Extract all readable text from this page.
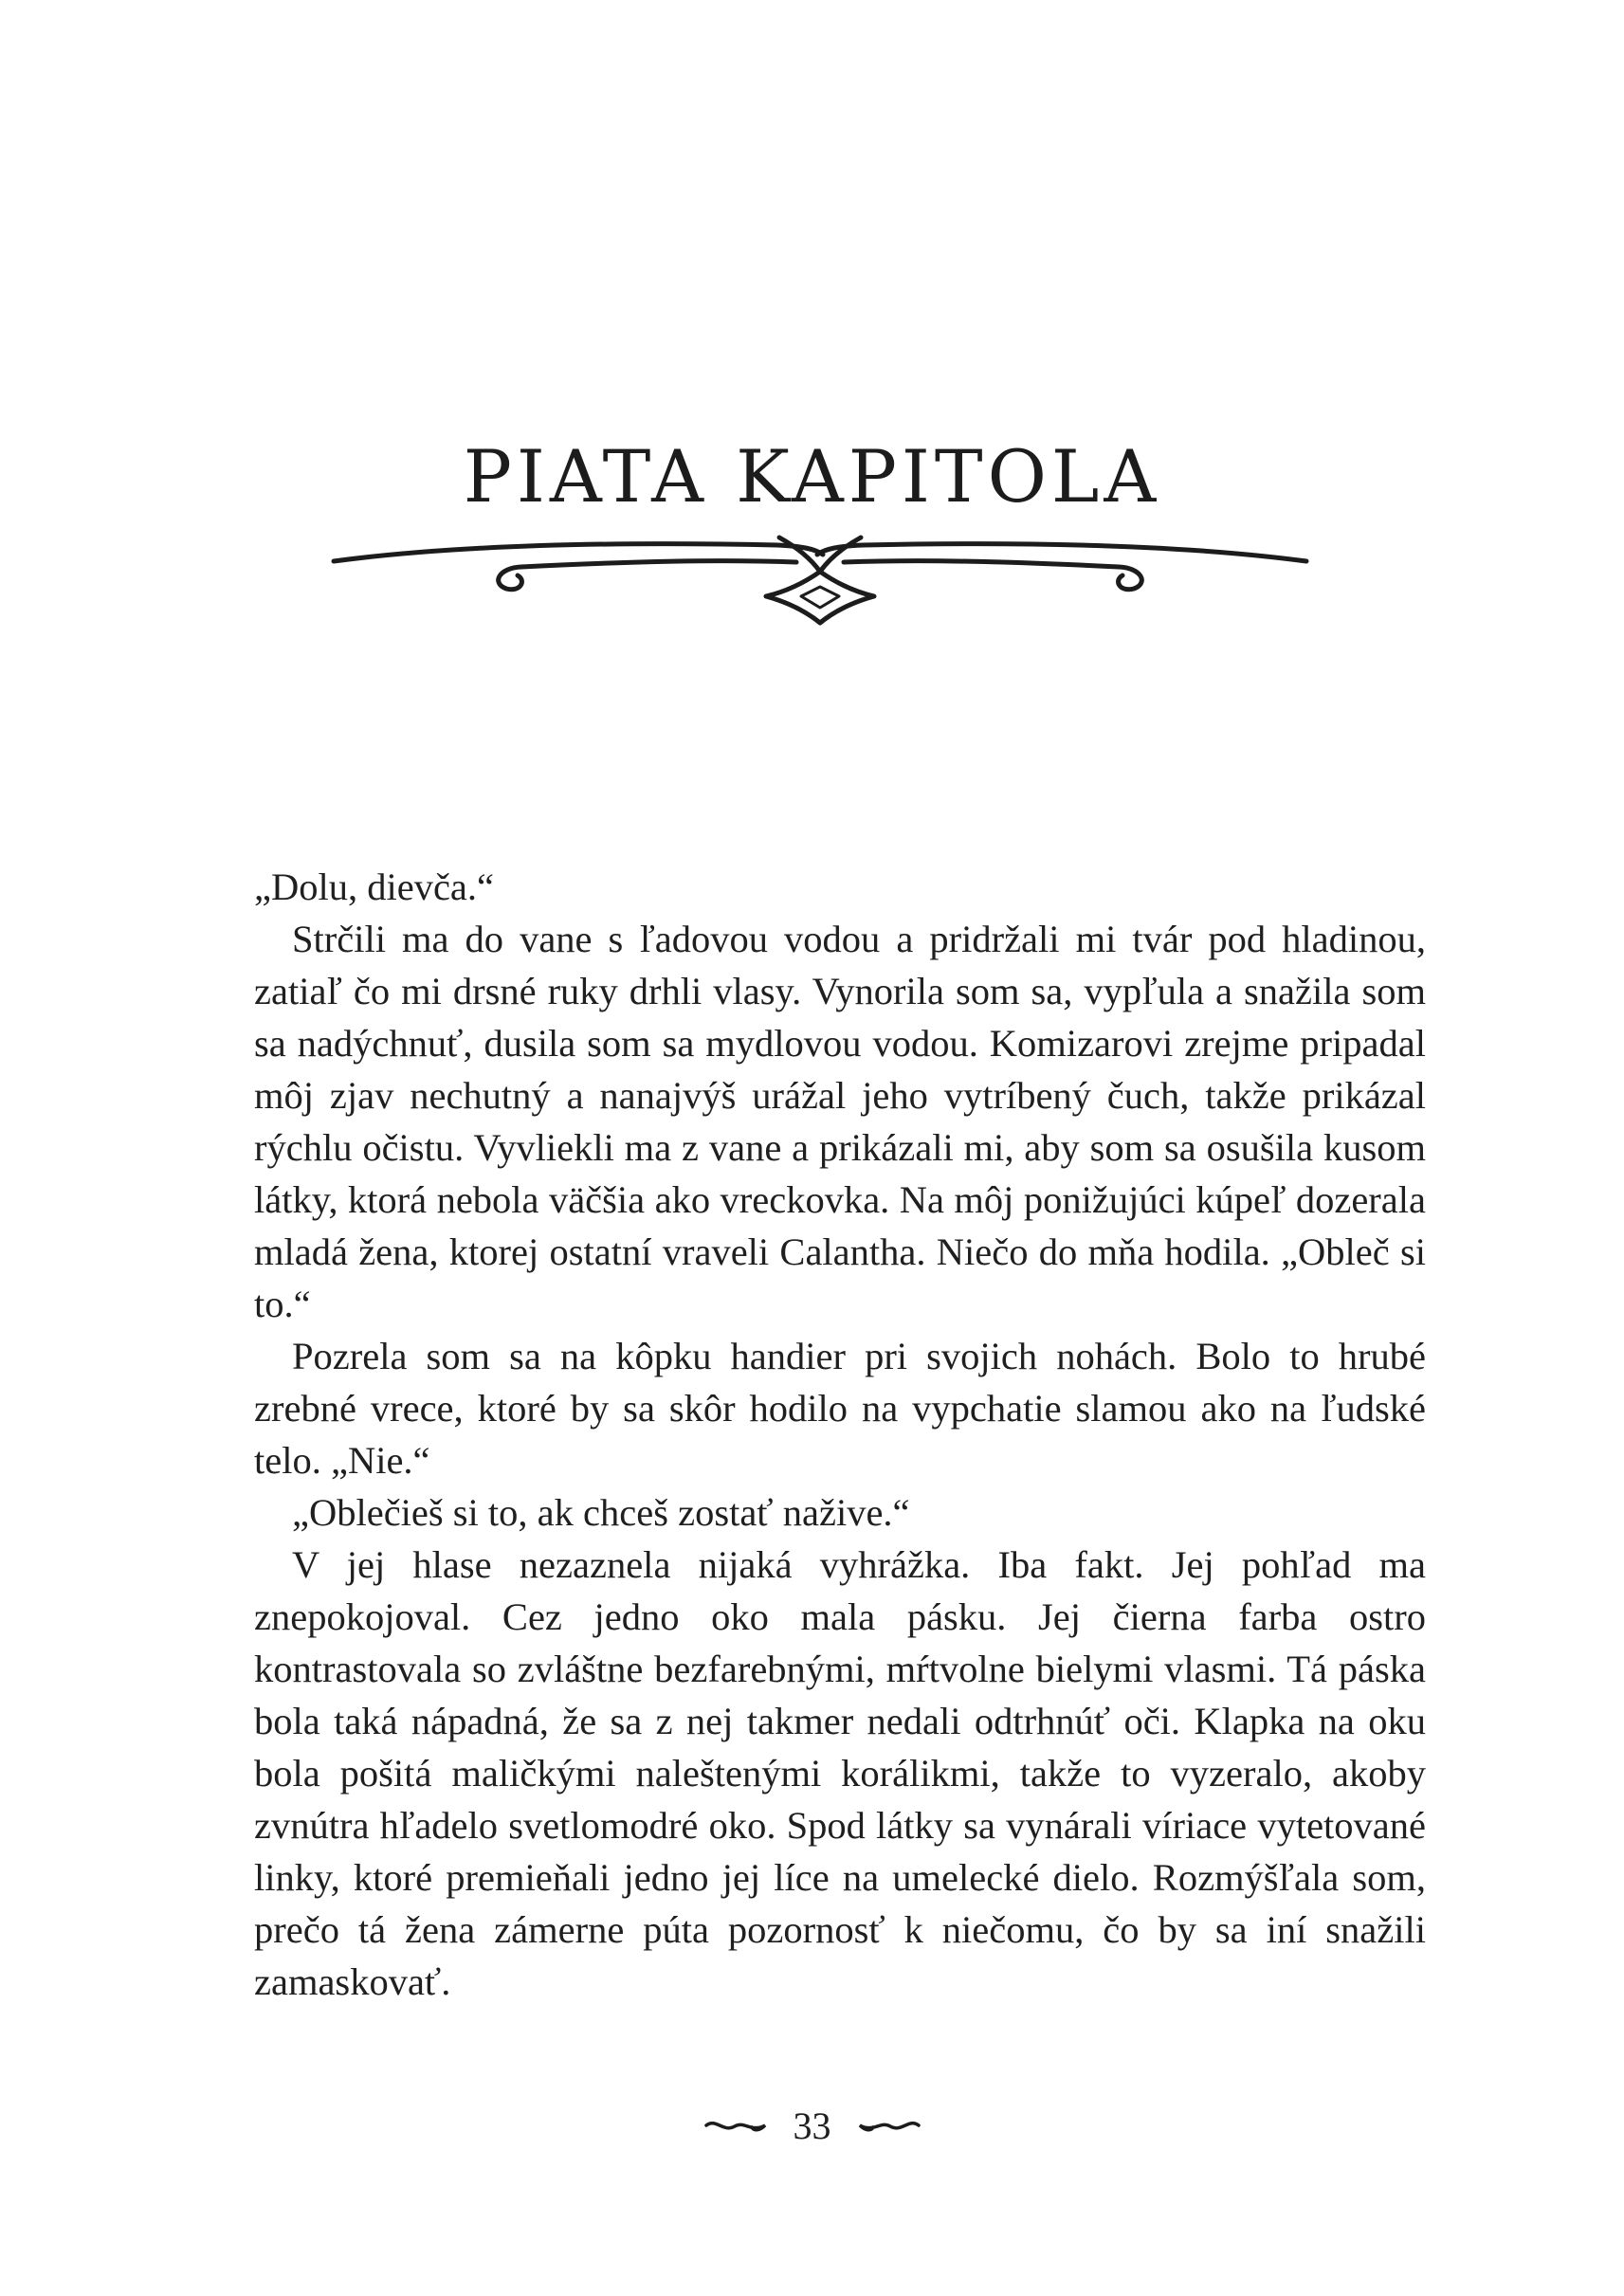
PIATA KAPITOLA

„Dolu, dievča.“

Strčili ma do vane s ľadovou vodou a pridržali mi tvár pod hladinou, zatiaľ čo mi drsné ruky drhli vlasy. Vynorila som sa, vypľula a snažila som sa nadýchnuť, dusila som sa mydlovou vodou. Komizarovi zrejme pripadal môj zjav nechutný a nanajvýš urážal jeho vytríbený čuch, takže prikázal rýchlu očistu. Vyvliekli ma z vane a prikázali mi, aby som sa osušila kusom látky, ktorá nebola väčšia ako vreckovka. Na môj ponižujúci kúpeľ dozerala mladá žena, ktorej ostatní vraveli Calantha. Niečo do mňa hodila. „Obleč si to.“

Pozrela som sa na kôpku handier pri svojich nohách. Bolo to hrubé zrebné vrece, ktoré by sa skôr hodilo na vypchatie slamou ako na ľudské telo. „Nie.“

„Oblečieš si to, ak chceš zostať nažive.“

V jej hlase nezaznela nijaká vyhrážka. Iba fakt. Jej pohľad ma znepokojoval. Cez jedno oko mala pásku. Jej čierna farba ostro kontrastovala so zvláštne bezfarebnými, mŕtvolne bielymi vlasmi. Tá páska bola taká nápadná, že sa z nej takmer nedali odtrhnúť oči. Klapka na oku bola pošitá maličkými naleštenými korálikmi, takže to vyzeralo, akoby zvnútra hľadelo svetlomodré oko. Spod látky sa vynárali víriace vytetované linky, ktoré premieňali jedno jej líce na umelecké dielo. Rozmýšľala som, prečo tá žena zámerne púta pozornosť k niečomu, čo by sa iní snažili zamaskovať.

33
